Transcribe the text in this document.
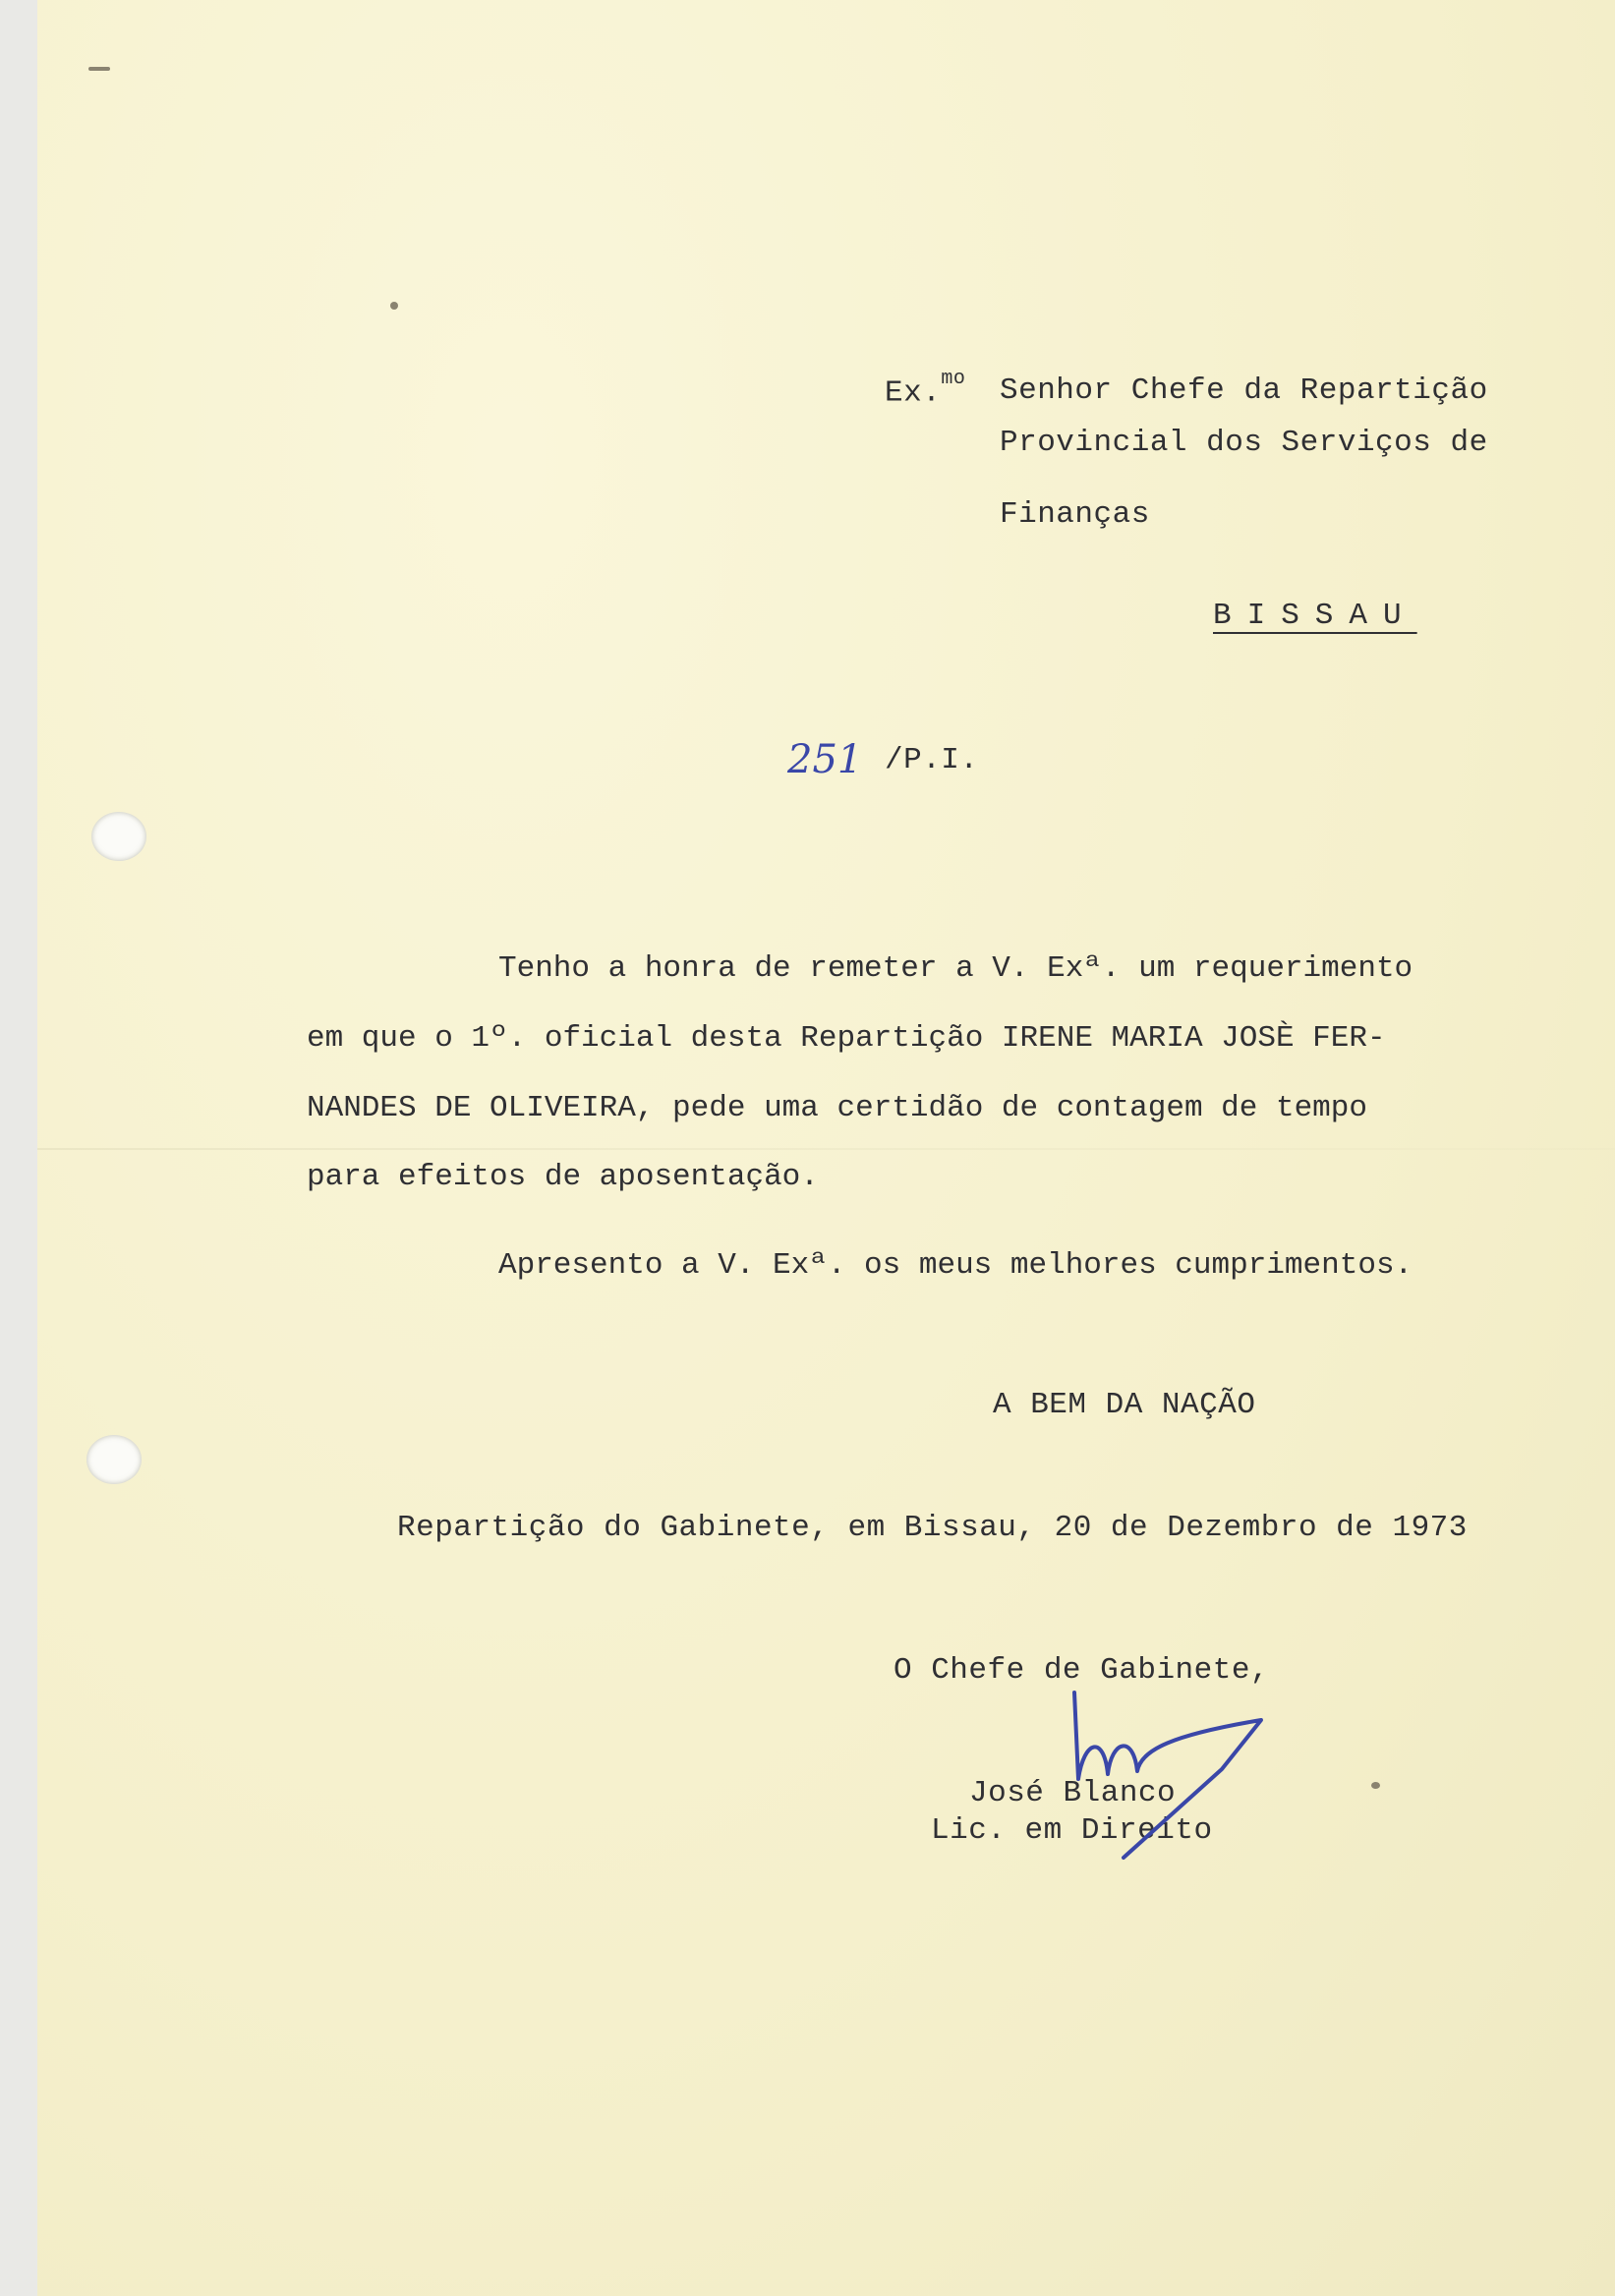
Ex.$^{mo}$ Senhor Chefe da Repartição
Provincial dos Serviços de
Finanças
BISSAU
251 /P.I.
Tenho a honra de remeter a V. Exª. um requerimento
em que o 1º. oficial desta Repartição IRENE MARIA JOSÈ FER-
NANDES DE OLIVEIRA, pede uma certidão de contagem de tempo
para efeitos de aposentação.
Apresento a V. Exª. os meus melhores cumprimentos.
A BEM DA NAÇÃO
Repartição do Gabinete, em Bissau, 20 de Dezembro de 1973
O Chefe de Gabinete,
José Blanco
Lic. em Direito
